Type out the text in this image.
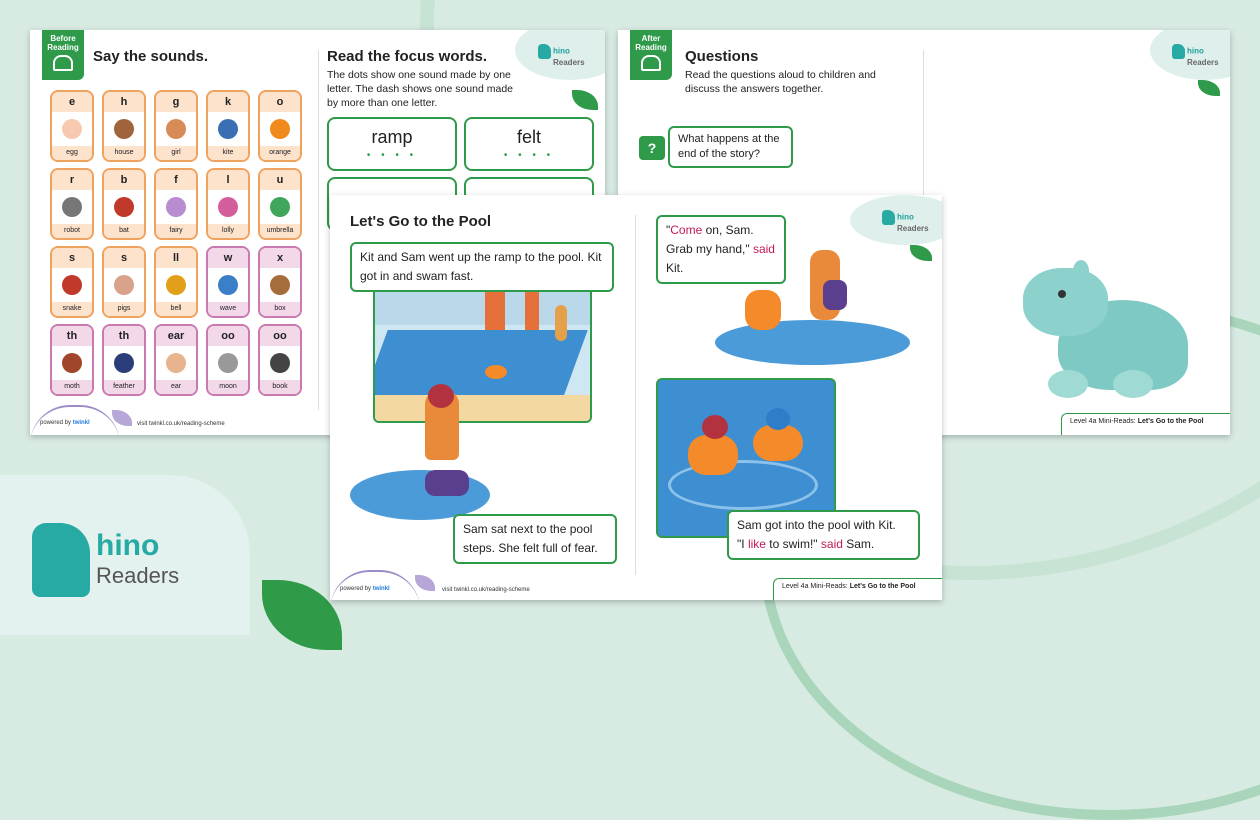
hino
Readers
Before Reading
Say the sounds.
e
egg
h
house
g
girl
k
kite
o
orange
r
robot
b
bat
f
fairy
l
lolly
u
umbrella
s
snake
s
pigs
ll
bell
w
wave
x
box
th
moth
th
feather
ear
ear
oo
moon
oo
book
Read the focus words.
The dots show one sound made by one letter. The dash shows one sound made by more than one letter.
hino
Readers
ramp
• • • •
felt
• • • •
powered by twinkl	visit twinkl.co.uk/reading-scheme
After Reading
Questions
Read the questions aloud to children and discuss the answers together.
?
What happens at the end of the story?
hino
Readers
Level 4a Mini-Reads: Let's Go to the Pool
Let's Go to the Pool
Kit and Sam went up the ramp to the pool. Kit got in and swam fast.
Sam sat next to the pool steps. She felt full of fear.
"Come on, Sam. Grab my hand," said Kit.
hino
Readers
Sam got into the pool with Kit.
"I like to swim!" said Sam.
powered by twinkl	visit twinkl.co.uk/reading-scheme	Level 4a Mini-Reads: Let's Go to the Pool
